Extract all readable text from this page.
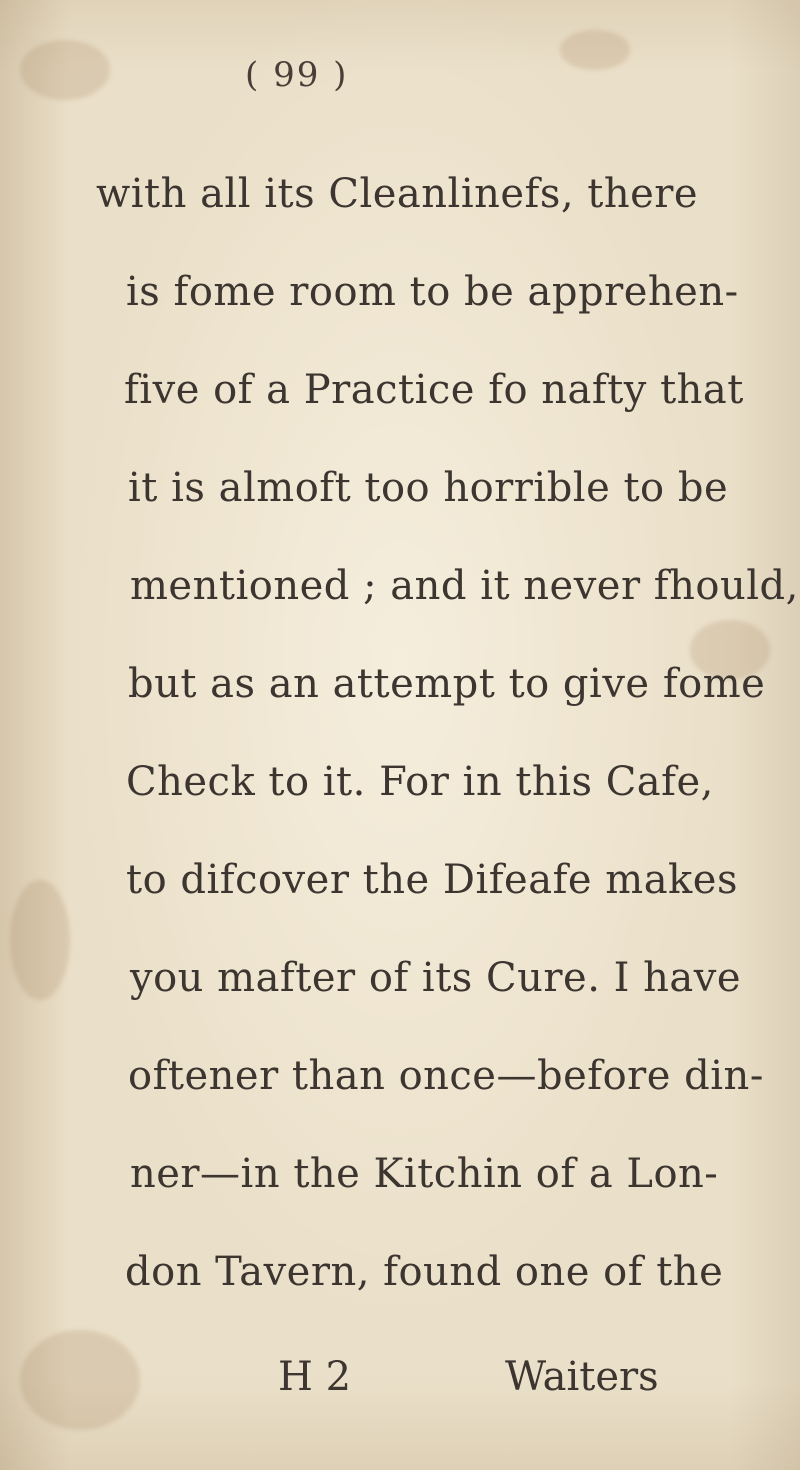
( 99 )
with all its Cleanlinefs, there
is fome room to be apprehen-
five of a Practice fo nafty that
it is almoft too horrible to be
mentioned ; and it never fhould,
but as an attempt to give fome
Check to it. For in this Cafe,
to difcover the Difeafe makes
you mafter of its Cure. I have
oftener than once—before din-
ner—in the Kitchin of a Lon-
don Tavern, found one of the
H 2	Waiters
